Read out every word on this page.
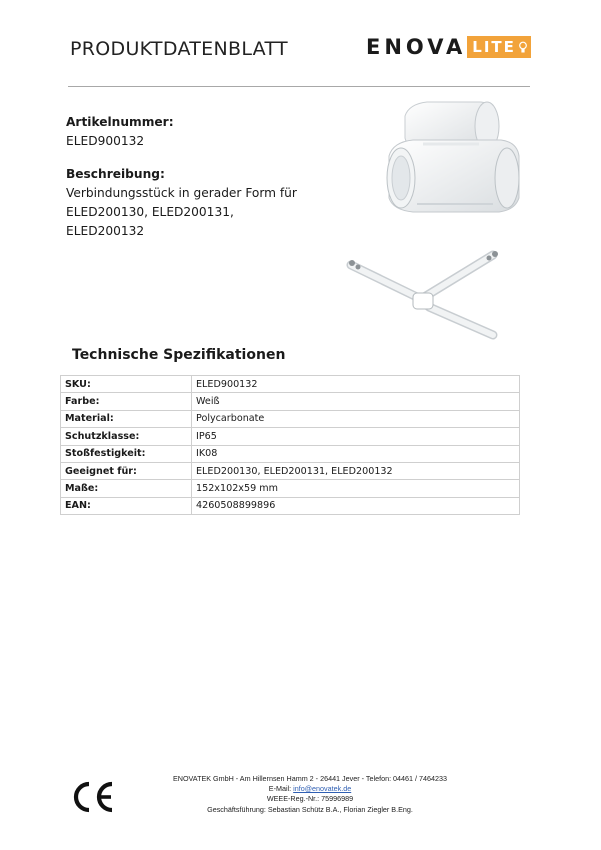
PRODUKTDATENBLATT	ENOVA LITE
Artikelnummer:
ELED900132
Beschreibung:
Verbindungsstück in gerader Form für
ELED200130, ELED200131,
ELED200132
Technische Spezifikationen
SKU:	ELED900132
Farbe:	Weiß
Material:	Polycarbonate
Schutzklasse:	IP65
Stoßfestigkeit:	IK08
Geeignet für:	ELED200130, ELED200131, ELED200132
Maße:	152x102x59 mm
EAN:	4260508899896
ENOVATEK GmbH - Am Hillernsen Hamm 2 - 26441 Jever - Telefon: 04461 / 7464233
E-Mail: info@enovatek.de
WEEE-Reg.-Nr.: 75996989
Geschäftsführung: Sebastian Schütz B.A., Florian Ziegler B.Eng.
